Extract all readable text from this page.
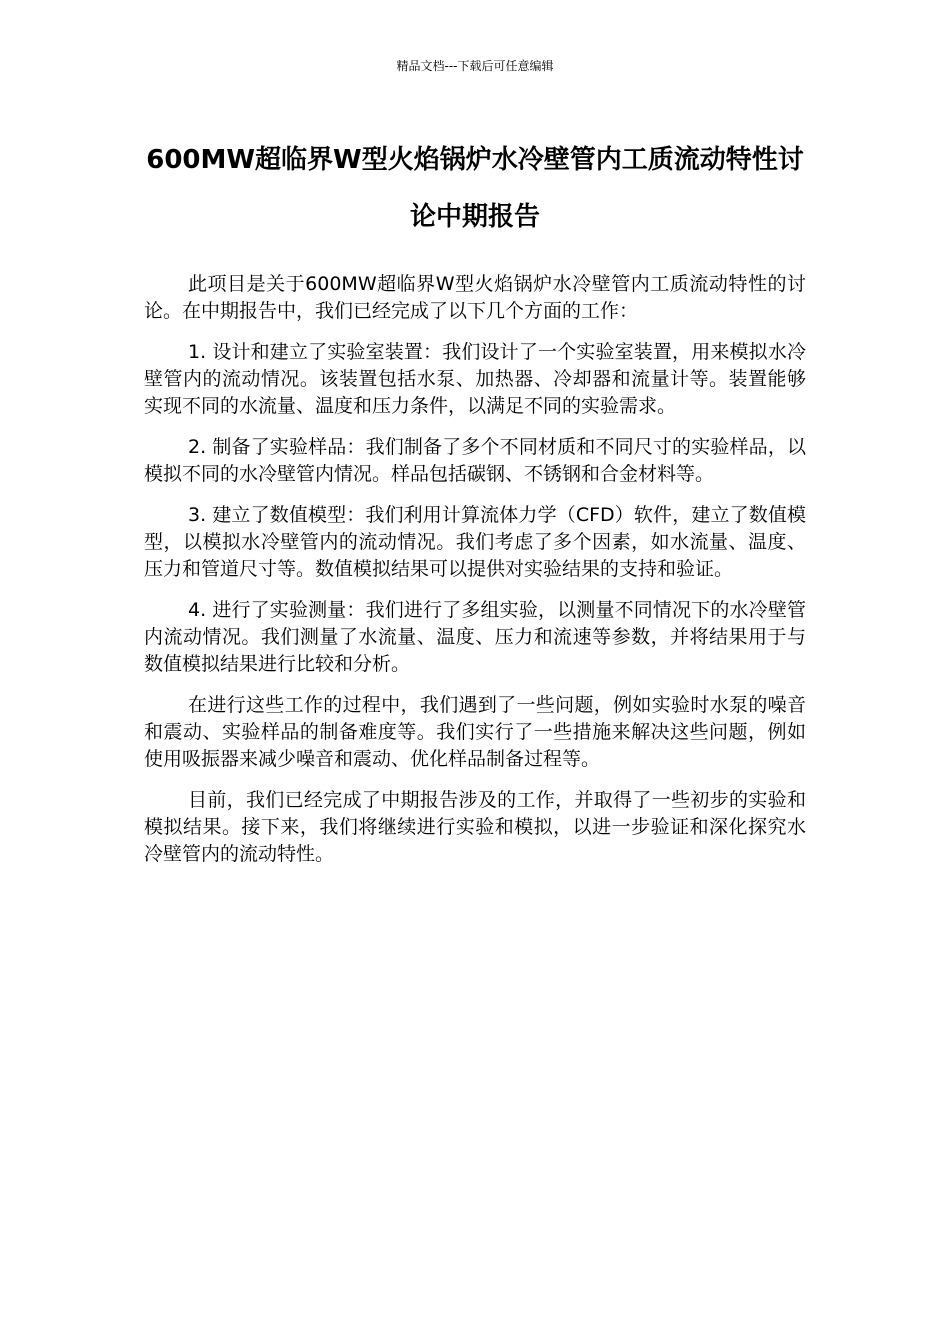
精品文档---下载后可任意编辑
600MW超临界W型火焰锅炉水冷壁管内工质流动特性讨论中期报告

此项目是关于600MW超临界W型火焰锅炉水冷壁管内工质流动特性的讨论。在中期报告中，我们已经完成了以下几个方面的工作：

1. 设计和建立了实验室装置：我们设计了一个实验室装置，用来模拟水冷壁管内的流动情况。该装置包括水泵、加热器、冷却器和流量计等。装置能够实现不同的水流量、温度和压力条件，以满足不同的实验需求。

2. 制备了实验样品：我们制备了多个不同材质和不同尺寸的实验样品，以模拟不同的水冷壁管内情况。样品包括碳钢、不锈钢和合金材料等。

3. 建立了数值模型：我们利用计算流体力学（CFD）软件，建立了数值模型，以模拟水冷壁管内的流动情况。我们考虑了多个因素，如水流量、温度、压力和管道尺寸等。数值模拟结果可以提供对实验结果的支持和验证。

4. 进行了实验测量：我们进行了多组实验，以测量不同情况下的水冷壁管内流动情况。我们测量了水流量、温度、压力和流速等参数，并将结果用于与数值模拟结果进行比较和分析。

在进行这些工作的过程中，我们遇到了一些问题，例如实验时水泵的噪音和震动、实验样品的制备难度等。我们实行了一些措施来解决这些问题，例如使用吸振器来减少噪音和震动、优化样品制备过程等。

目前，我们已经完成了中期报告涉及的工作，并取得了一些初步的实验和模拟结果。接下来，我们将继续进行实验和模拟，以进一步验证和深化探究水冷壁管内的流动特性。
